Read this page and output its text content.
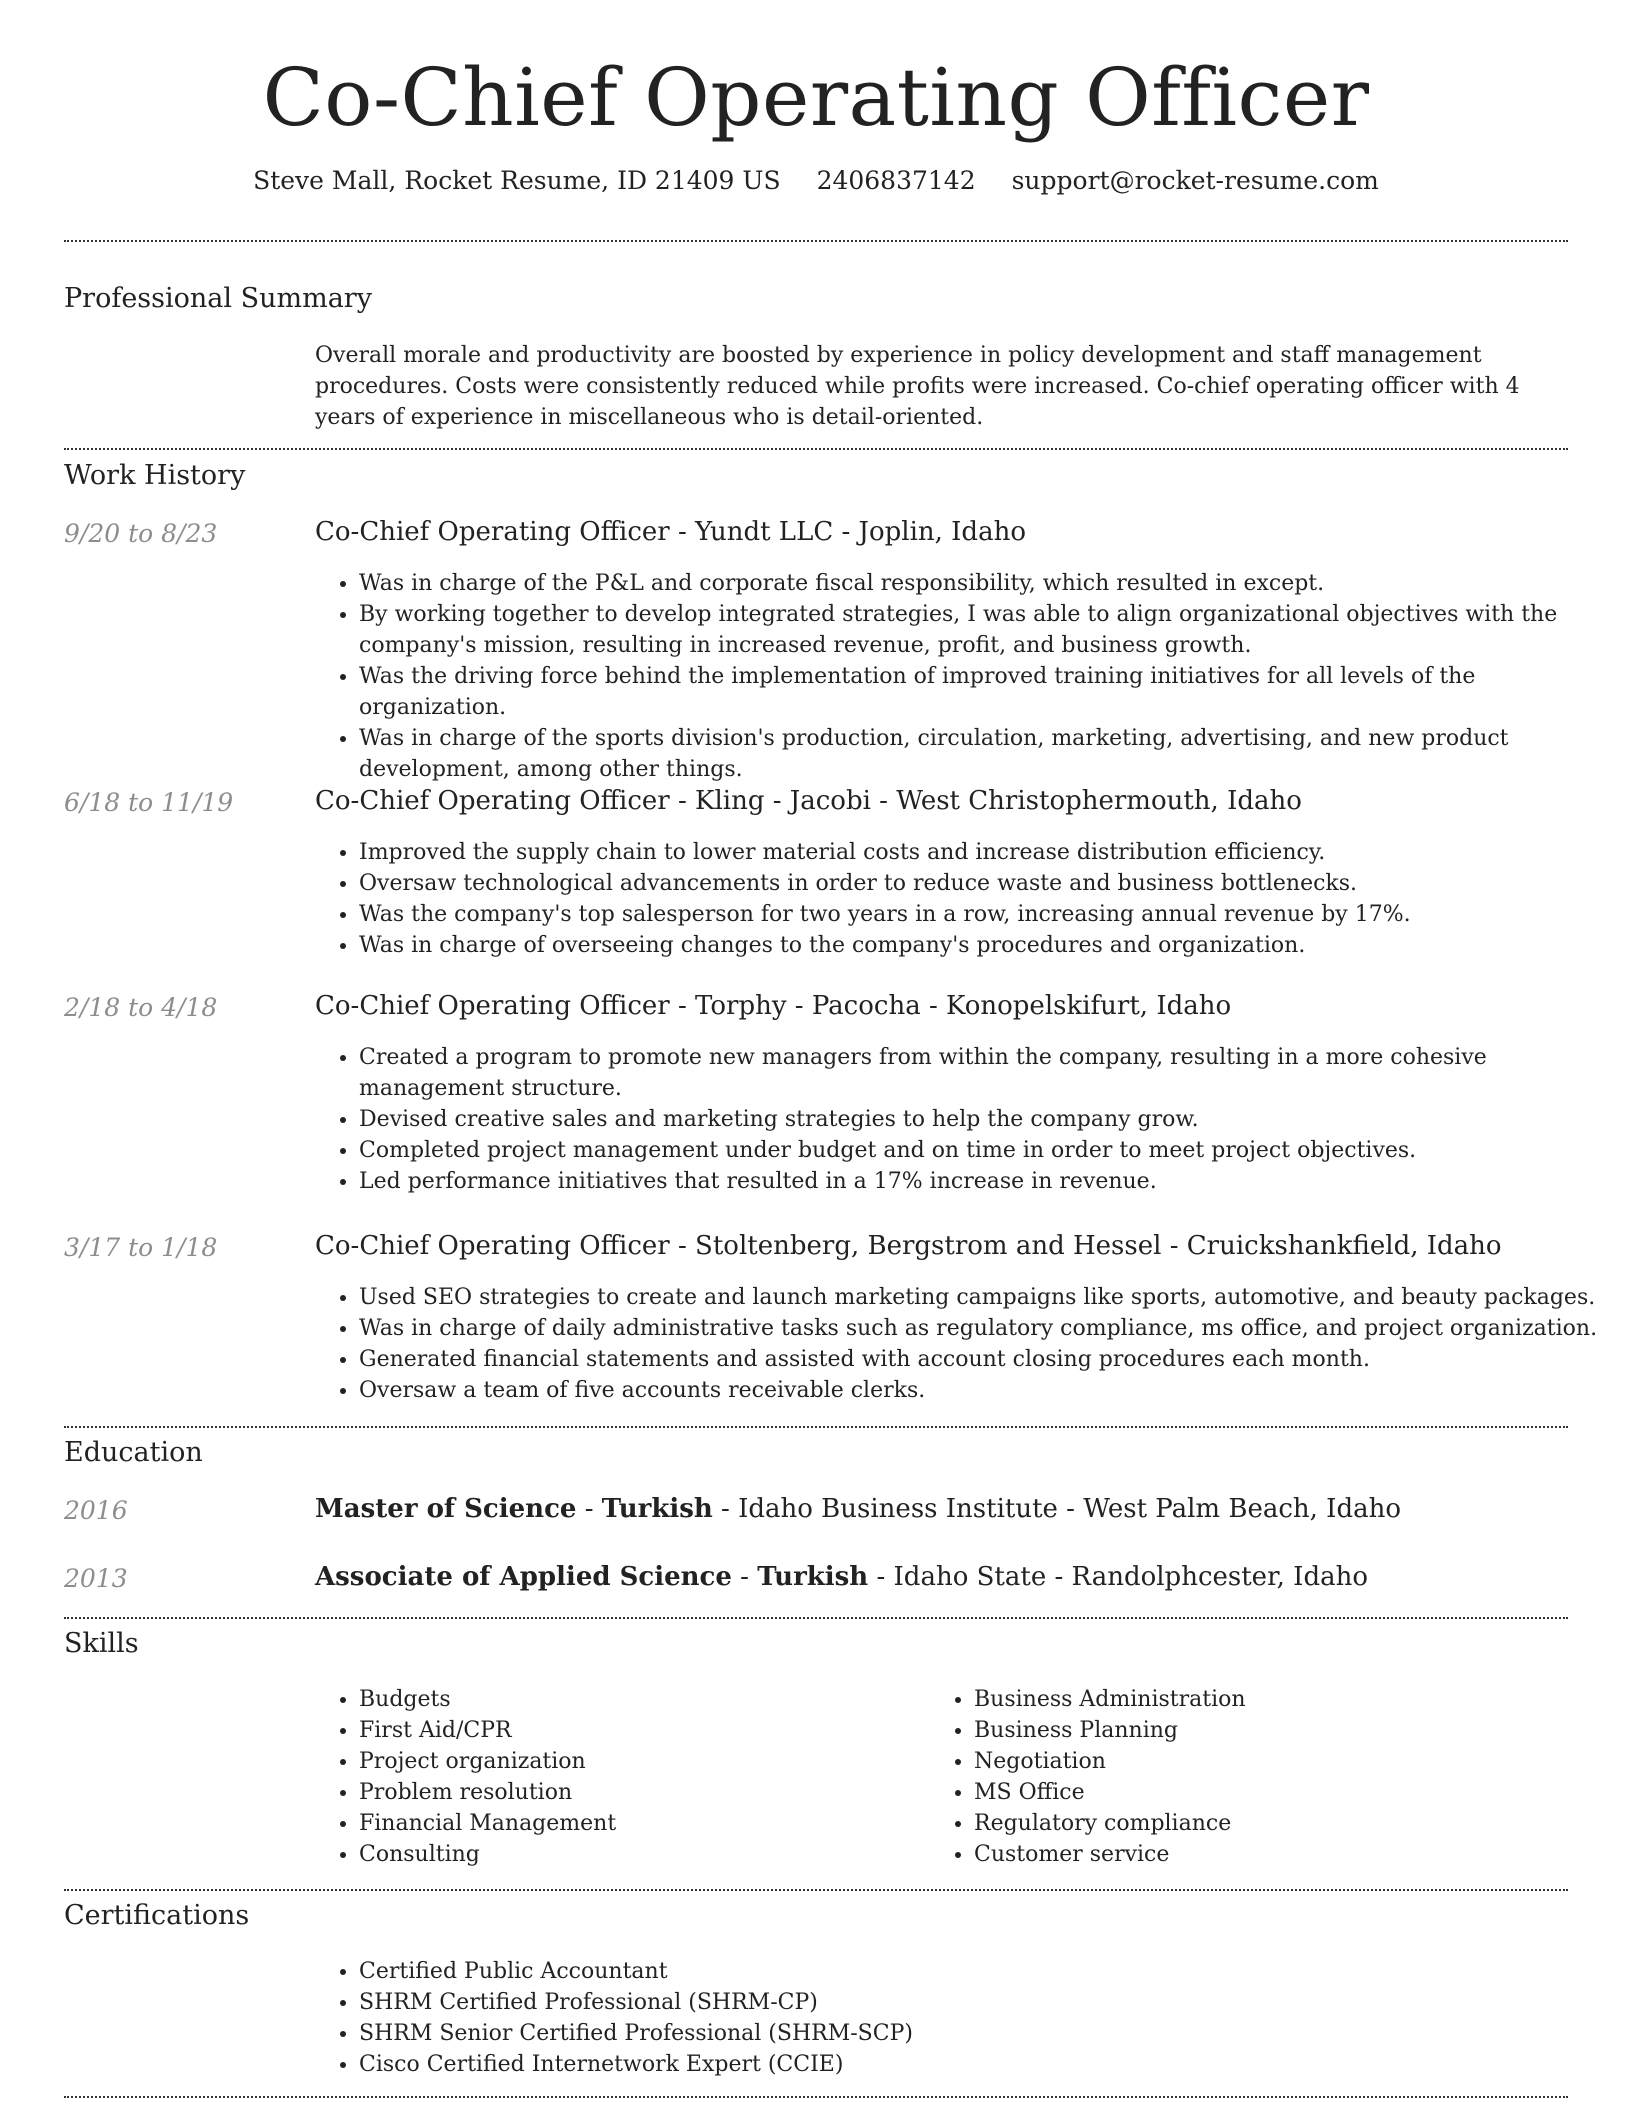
Co-Chief Operating Officer
Steve Mall, Rocket Resume, ID 21409 US 2406837142 support@rocket-resume.com
Professional Summary

Overall morale and productivity are boosted by experience in policy development and staff management procedures. Costs were consistently reduced while profits were increased. Co-chief operating officer with 4 years of experience in miscellaneous who is detail-oriented.

Work History
9/20 to 8/23	Co-Chief Operating Officer - Yundt LLC - Joplin, Idaho
• Was in charge of the P&L and corporate fiscal responsibility, which resulted in except.
• By working together to develop integrated strategies, I was able to align organizational objectives with the company's mission, resulting in increased revenue, profit, and business growth.
• Was the driving force behind the implementation of improved training initiatives for all levels of the organization.
• Was in charge of the sports division's production, circulation, marketing, advertising, and new product development, among other things.
6/18 to 11/19	Co-Chief Operating Officer - Kling - Jacobi - West Christophermouth, Idaho
• Improved the supply chain to lower material costs and increase distribution efficiency.
• Oversaw technological advancements in order to reduce waste and business bottlenecks.
• Was the company's top salesperson for two years in a row, increasing annual revenue by 17%.
• Was in charge of overseeing changes to the company's procedures and organization.
2/18 to 4/18	Co-Chief Operating Officer - Torphy - Pacocha - Konopelskifurt, Idaho
• Created a program to promote new managers from within the company, resulting in a more cohesive management structure.
• Devised creative sales and marketing strategies to help the company grow.
• Completed project management under budget and on time in order to meet project objectives.
• Led performance initiatives that resulted in a 17% increase in revenue.
3/17 to 1/18	Co-Chief Operating Officer - Stoltenberg, Bergstrom and Hessel - Cruickshankfield, Idaho
• Used SEO strategies to create and launch marketing campaigns like sports, automotive, and beauty packages.
• Was in charge of daily administrative tasks such as regulatory compliance, ms office, and project organization.
• Generated financial statements and assisted with account closing procedures each month.
• Oversaw a team of five accounts receivable clerks.
Education
2016	Master of Science - Turkish - Idaho Business Institute - West Palm Beach, Idaho
2013	Associate of Applied Science - Turkish - Idaho State - Randolphcester, Idaho
Skills
• Budgets
• First Aid/CPR
• Project organization
• Problem resolution
• Financial Management
• Consulting
• Business Administration
• Business Planning
• Negotiation
• MS Office
• Regulatory compliance
• Customer service
Certifications
• Certified Public Accountant
• SHRM Certified Professional (SHRM-CP)
• SHRM Senior Certified Professional (SHRM-SCP)
• Cisco Certified Internetwork Expert (CCIE)
